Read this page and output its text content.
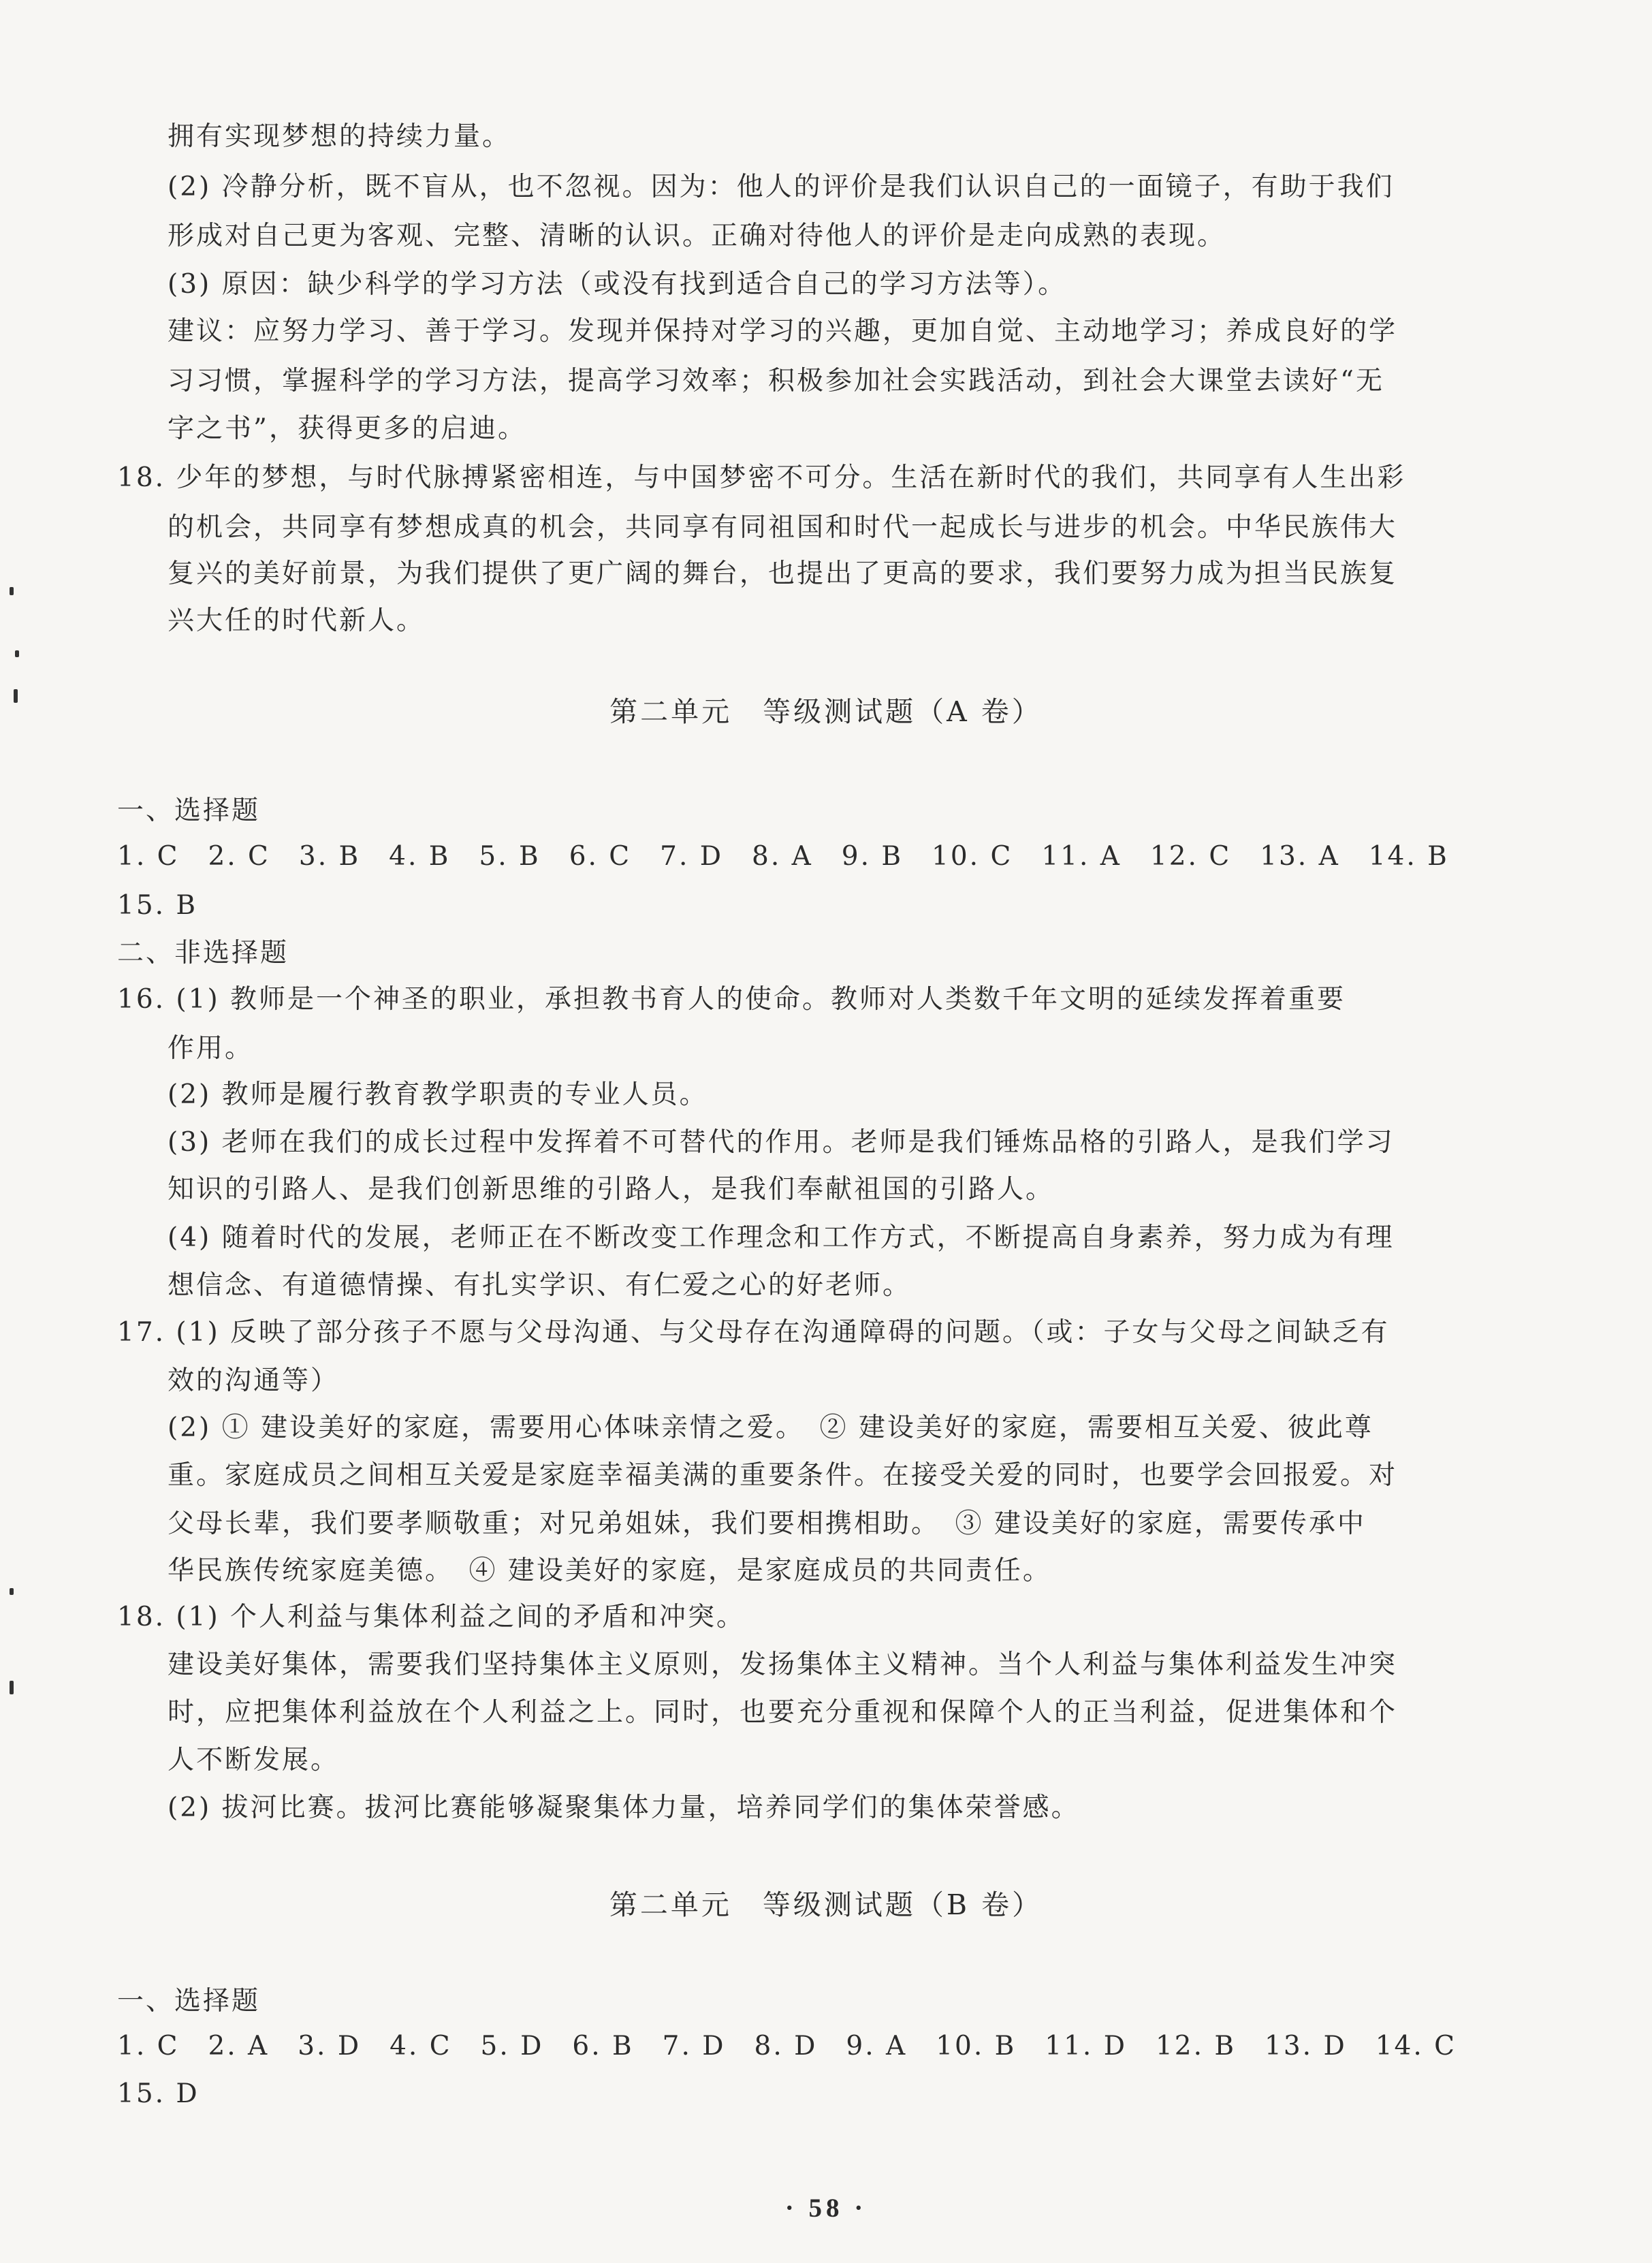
拥有实现梦想的持续力量。
(2) 冷静分析，既不盲从，也不忽视。因为：他人的评价是我们认识自己的一面镜子，有助于我们
形成对自己更为客观、完整、清晰的认识。正确对待他人的评价是走向成熟的表现。
(3) 原因：缺少科学的学习方法（或没有找到适合自己的学习方法等）。
建议：应努力学习、善于学习。发现并保持对学习的兴趣，更加自觉、主动地学习；养成良好的学
习习惯，掌握科学的学习方法，提高学习效率；积极参加社会实践活动，到社会大课堂去读好“无
字之书”，获得更多的启迪。
18. 少年的梦想，与时代脉搏紧密相连，与中国梦密不可分。生活在新时代的我们，共同享有人生出彩
的机会，共同享有梦想成真的机会，共同享有同祖国和时代一起成长与进步的机会。中华民族伟大
复兴的美好前景，为我们提供了更广阔的舞台，也提出了更高的要求，我们要努力成为担当民族复
兴大任的时代新人。
第二单元　等级测试题（A 卷）
一、选择题
1. C　2. C　3. B　4. B　5. B　6. C　7. D　8. A　9. B　10. C　11. A　12. C　13. A　14. B
15. B
二、非选择题
16. (1) 教师是一个神圣的职业，承担教书育人的使命。教师对人类数千年文明的延续发挥着重要
作用。
(2) 教师是履行教育教学职责的专业人员。
(3) 老师在我们的成长过程中发挥着不可替代的作用。老师是我们锤炼品格的引路人，是我们学习
知识的引路人、是我们创新思维的引路人，是我们奉献祖国的引路人。
(4) 随着时代的发展，老师正在不断改变工作理念和工作方式，不断提高自身素养，努力成为有理
想信念、有道德情操、有扎实学识、有仁爱之心的好老师。
17. (1) 反映了部分孩子不愿与父母沟通、与父母存在沟通障碍的问题。（或：子女与父母之间缺乏有
效的沟通等）
(2) ① 建设美好的家庭，需要用心体味亲情之爱。　② 建设美好的家庭，需要相互关爱、彼此尊
重。家庭成员之间相互关爱是家庭幸福美满的重要条件。在接受关爱的同时，也要学会回报爱。对
父母长辈，我们要孝顺敬重；对兄弟姐妹，我们要相携相助。　③ 建设美好的家庭，需要传承中
华民族传统家庭美德。　④ 建设美好的家庭，是家庭成员的共同责任。
18. (1) 个人利益与集体利益之间的矛盾和冲突。
建设美好集体，需要我们坚持集体主义原则，发扬集体主义精神。当个人利益与集体利益发生冲突
时，应把集体利益放在个人利益之上。同时，也要充分重视和保障个人的正当利益，促进集体和个
人不断发展。
(2) 拔河比赛。拔河比赛能够凝聚集体力量，培养同学们的集体荣誉感。
第二单元　等级测试题（B 卷）
一、选择题
1. C　2. A　3. D　4. C　5. D　6. B　7. D　8. D　9. A　10. B　11. D　12. B　13. D　14. C
15. D
· 58 ·
